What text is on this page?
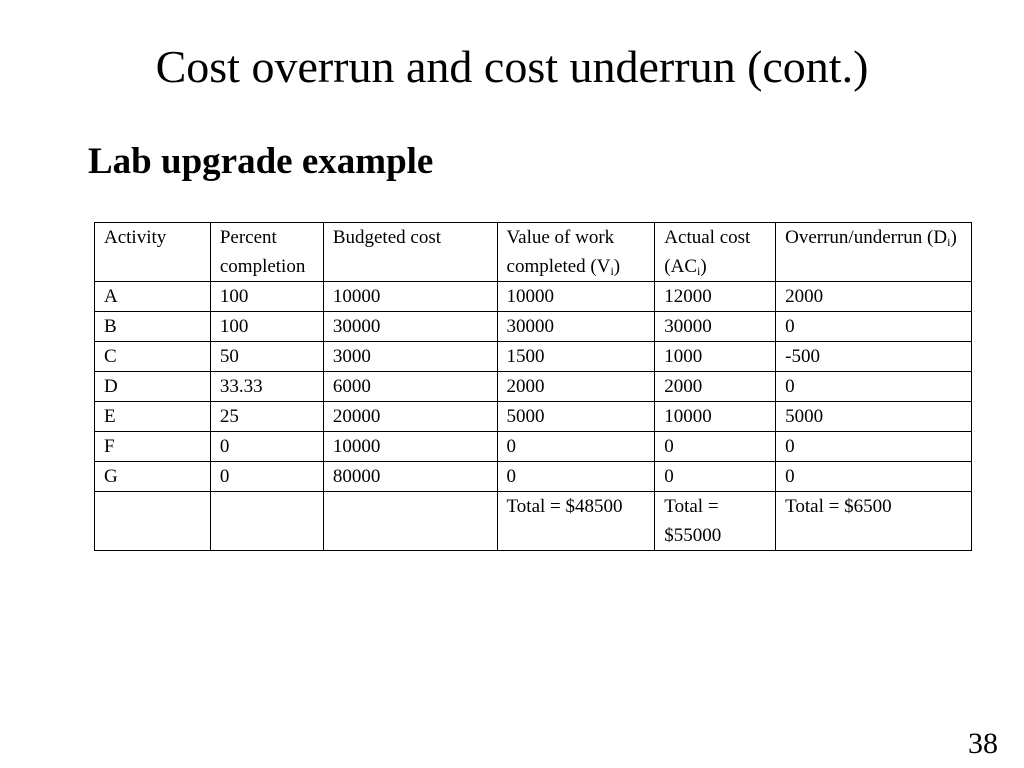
Cost overrun and cost underrun (cont.)
Lab upgrade example
Activity	Percent completion	Budgeted cost	Value of work completed $(V_i)$	Actual cost $(AC_i)$	Overrun/underrun $(D_i)$
A	100	10000	10000	12000	2000
B	100	30000	30000	30000	0
C	50	3000	1500	1000	-500
D	33.33	6000	2000	2000	0
E	25	20000	5000	10000	5000
F	0	10000	0	0	0
G	0	80000	0	0	0
			Total = $48500	Total = $55000	Total = $6500
38
